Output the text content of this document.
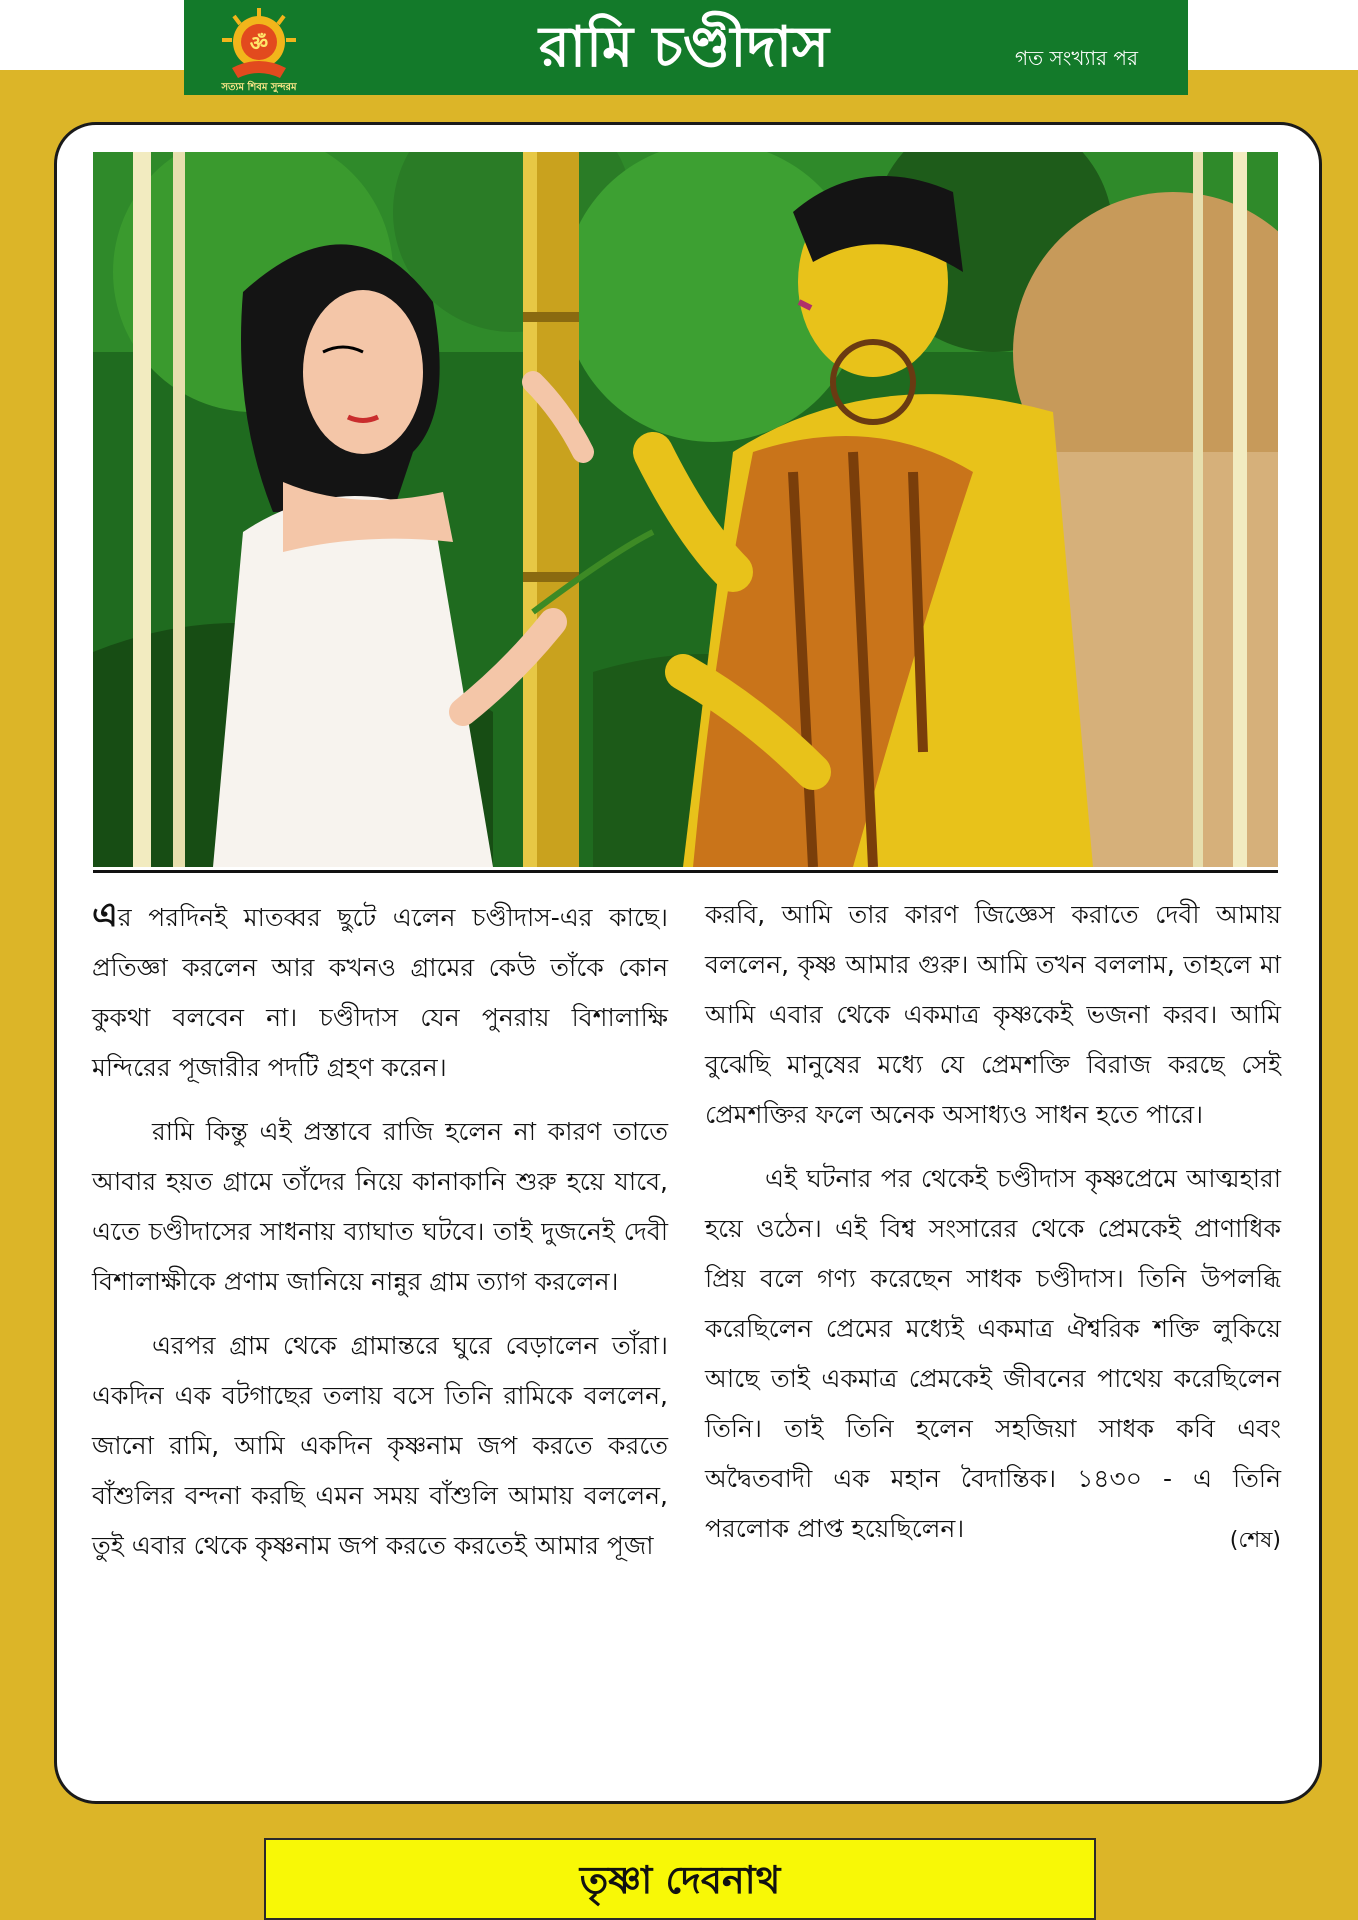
ॐ
সত্যম শিবম সুন্দরম
রামি চণ্ডীদাস	গত সংখ্যার পর

এর পরদিনই মাতব্বর ছুটে এলেন চণ্ডীদাস-এর কাছে। প্রতিজ্ঞা করলেন আর কখনও গ্রামের কেউ তাঁকে কোন কুকথা বলবেন না। চণ্ডীদাস যেন পুনরায় বিশালাক্ষি মন্দিরের পূজারীর পদটি গ্রহণ করেন।

রামি কিন্তু এই প্রস্তাবে রাজি হলেন না কারণ তাতে আবার হয়ত গ্রামে তাঁদের নিয়ে কানাকানি শুরু হয়ে যাবে, এতে চণ্ডীদাসের সাধনায় ব্যাঘাত ঘটবে। তাই দুজনেই দেবী বিশালাক্ষীকে প্রণাম জানিয়ে নান্নুর গ্রাম ত্যাগ করলেন।

এরপর গ্রাম থেকে গ্রামান্তরে ঘুরে বেড়ালেন তাঁরা। একদিন এক বটগাছের তলায় বসে তিনি রামিকে বললেন, জানো রামি, আমি একদিন কৃষ্ণনাম জপ করতে করতে বাঁশুলির বন্দনা করছি এমন সময় বাঁশুলি আমায় বললেন, তুই এবার থেকে কৃষ্ণনাম জপ করতে করতেই আমার পূজা

করবি, আমি তার কারণ জিজ্ঞেস করাতে দেবী আমায় বললেন, কৃষ্ণ আমার গুরু। আমি তখন বললাম, তাহলে মা আমি এবার থেকে একমাত্র কৃষ্ণকেই ভজনা করব। আমি বুঝেছি মানুষের মধ্যে যে প্রেমশক্তি বিরাজ করছে সেই প্রেমশক্তির ফলে অনেক অসাধ্যও সাধন হতে পারে।

এই ঘটনার পর থেকেই চণ্ডীদাস কৃষ্ণপ্রেমে আত্মহারা হয়ে ওঠেন। এই বিশ্ব সংসারের থেকে প্রেমকেই প্রাণাধিক প্রিয় বলে গণ্য করেছেন সাধক চণ্ডীদাস। তিনি উপলব্ধি করেছিলেন প্রেমের মধ্যেই একমাত্র ঐশ্বরিক শক্তি লুকিয়ে আছে তাই একমাত্র প্রেমকেই জীবনের পাথেয় করেছিলেন তিনি। তাই তিনি হলেন সহজিয়া সাধক কবি এবং অদ্বৈতবাদী এক মহান বৈদান্তিক। ১৪৩০ - এ তিনি পরলোক প্রাপ্ত হয়েছিলেন।	(শেষ)
তৃষ্ণা দেবনাথ
